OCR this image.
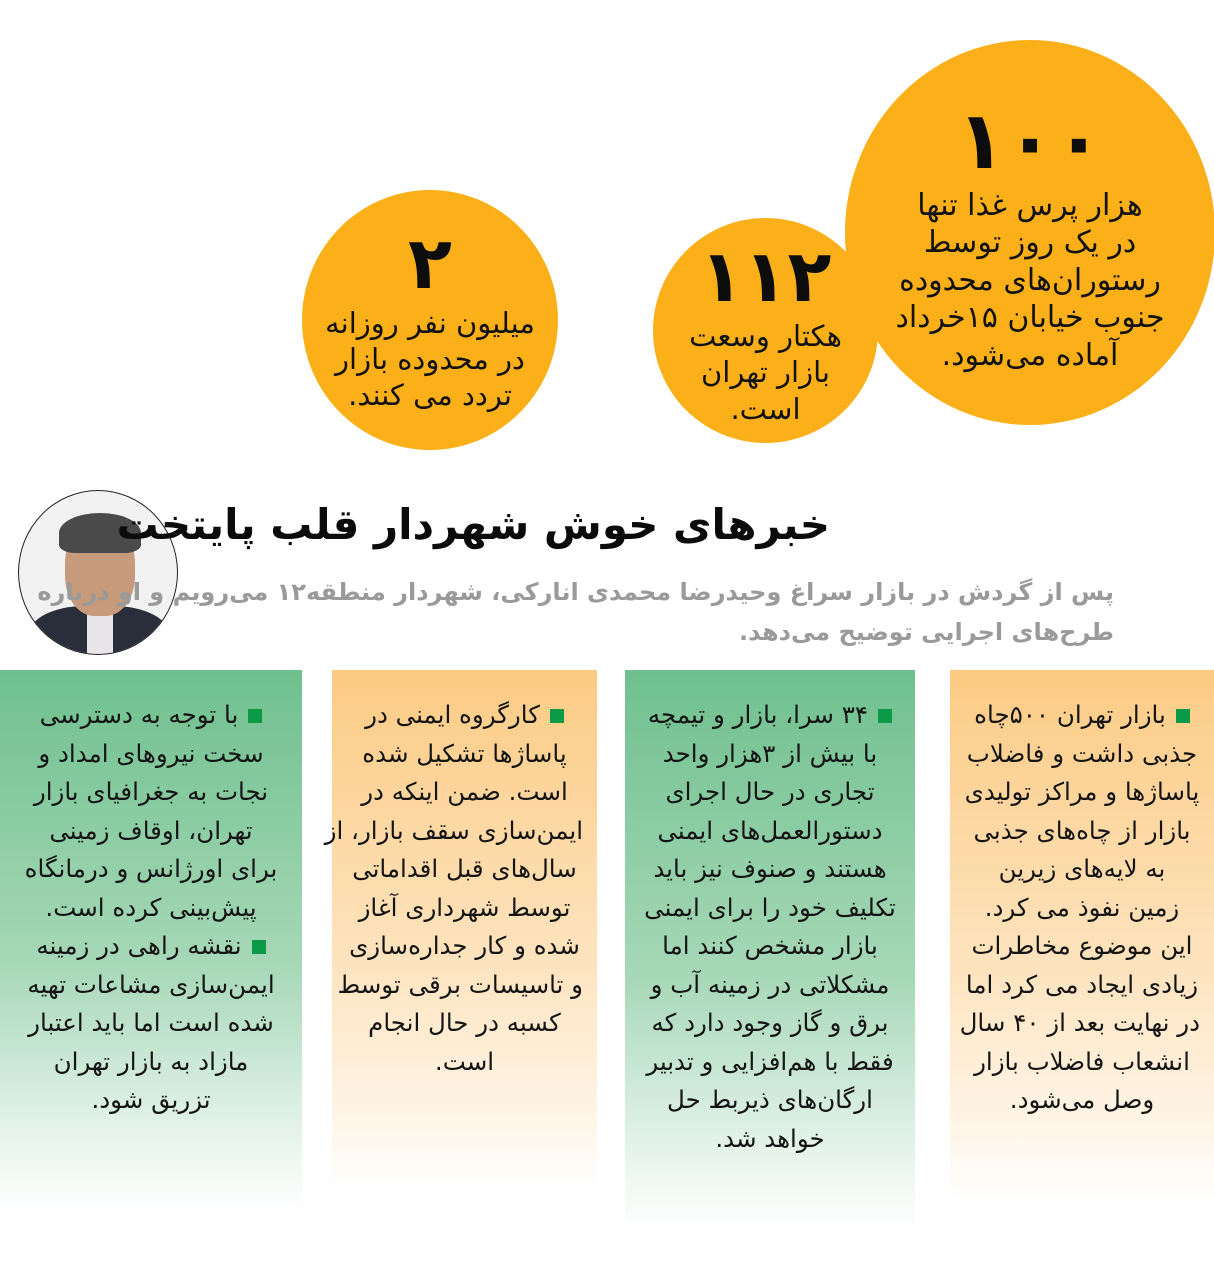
۱۰۰
هزار پرس غذا تنها
در یک روز توسط
رستوران‌های محدوده
جنوب خیابان ۱۵خرداد
آماده می‌شود.
۱۱۲
هکتار وسعت
بازار تهران
است.
۲
میلیون نفر روزانه
در محدوده بازار
تردد می کنند.
خبرهای خوش شهردار قلب پایتخت
پس از گردش در بازار سراغ وحیدرضا محمدی انارکی، شهردار منطقه۱۲ می‌رویم و او درباره
طرح‌های اجرایی توضیح می‌دهد.
بازار تهران ۵۰۰چاه
جذبی داشت و فاضلاب
پاساژها و مراکز تولیدی
بازار از چاه‌های جذبی
به لایه‌های زیرین
زمین نفوذ می کرد.
این موضوع مخاطرات
زیادی ایجاد می کرد اما
در نهایت بعد از ۴۰ سال
انشعاب فاضلاب بازار
وصل می‌شود.
۳۴ سرا، بازار و تیمچه
با بیش از ۳هزار واحد
تجاری در حال اجرای
دستورالعمل‌های ایمنی
هستند و صنوف نیز باید
تکلیف خود را برای ایمنی
بازار مشخص کنند اما
مشکلاتی در زمینه آب و
برق و گاز وجود دارد که
فقط با هم‌افزایی و تدبیر
ارگان‌های ذیربط حل
خواهد شد.
کارگروه ایمنی در
پاساژها تشکیل شده
است. ضمن اینکه در
ایمن‌سازی سقف بازار، از
سال‌های قبل اقداماتی
توسط شهرداری آغاز
شده و کار جداره‌سازی
و تاسیسات برقی توسط
کسبه در حال انجام
است.
با توجه به دسترسی
سخت نیروهای امداد و
نجات به جغرافیای بازار
تهران، اوقاف زمینی
برای اورژانس و درمانگاه
پیش‌بینی کرده است.
نقشه راهی در زمینه
ایمن‌سازی مشاعات تهیه
شده است اما باید اعتبار
مازاد به بازار تهران
تزریق شود.
